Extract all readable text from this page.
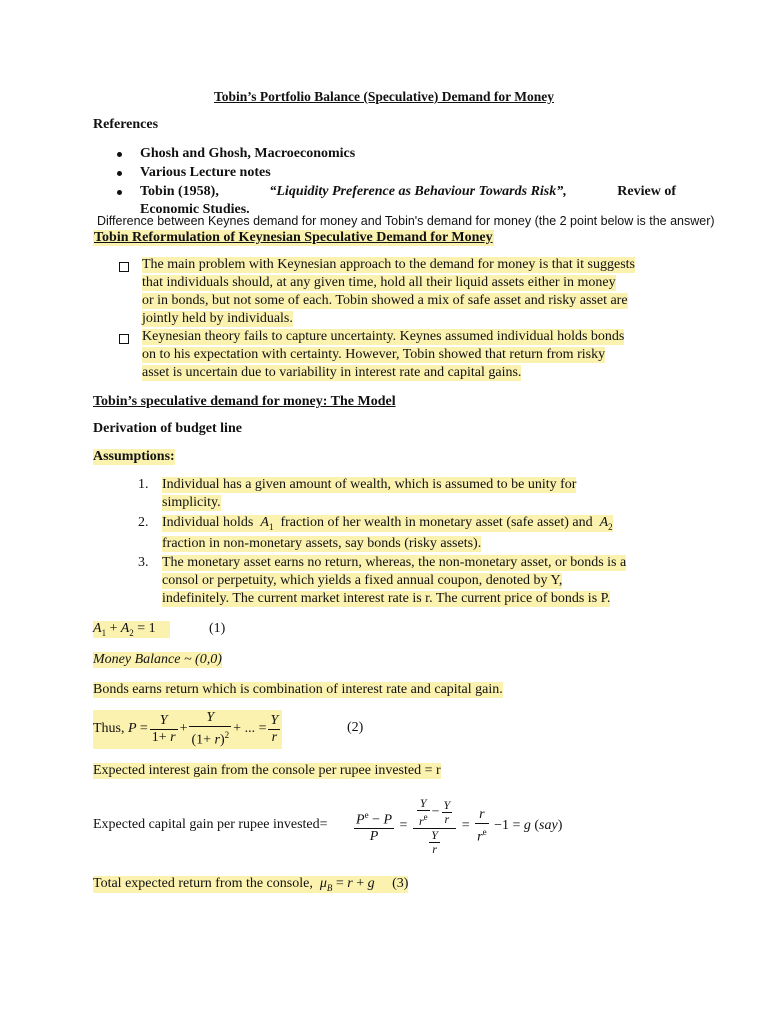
Tobin’s Portfolio Balance (Speculative) Demand for Money
References
Ghosh and Ghosh, Macroeconomics
Various Lecture notes
Tobin (1958),	“Liquidity Preference as Behaviour Towards Risk”,	Review of
Economic Studies.
Difference between Keynes demand for money and Tobin's demand for money (the 2 point below is the answer)
Tobin Reformulation of Keynesian Speculative Demand for Money
The main problem with Keynesian approach to the demand for money is that it suggests
that individuals should, at any given time, hold all their liquid assets either in money
or in bonds, but not some of each. Tobin showed a mix of safe asset and risky asset are
jointly held by individuals.
Keynesian theory fails to capture uncertainty. Keynes assumed individual holds bonds
on to his expectation with certainty. However, Tobin showed that return from risky
asset is uncertain due to variability in interest rate and capital gains.
Tobin’s speculative demand for money: The Model
Derivation of budget line
Assumptions:
1. Individual has a given amount of wealth, which is assumed to be unity for
simplicity.
2. Individual holds  $A_1$ fraction of her wealth in monetary asset (safe asset) and  $A_2$
fraction in non-monetary assets, say bonds (risky assets).
3. The monetary asset earns no return, whereas, the non-monetary asset, or bonds is a
consol or perpetuity, which yields a fixed annual coupon, denoted by Y,
indefinitely. The current market interest rate is r. The current price of bonds is P.
$A_1 + A_2 = 1$	(1)
Money Balance ~ (0,0)
Bonds earns return which is combination of interest rate and capital gain.
Thus, $P = \frac{Y}{1+ r} + \frac{Y}{(1+ r)^2}$ + ... = $\frac{Y}{r}$	(2)
Expected interest gain from the console per rupee invested = r
Expected capital gain per rupee invested= $\frac{P^e - P}{P} = \frac{\frac{Y}{r^e} - \frac{Y}{r}}{\frac{Y}{r}} = \frac{r}{r^e} -1 = g$ (say)
Total expected return from the console,  $\mu_B = r + g$ (3)
